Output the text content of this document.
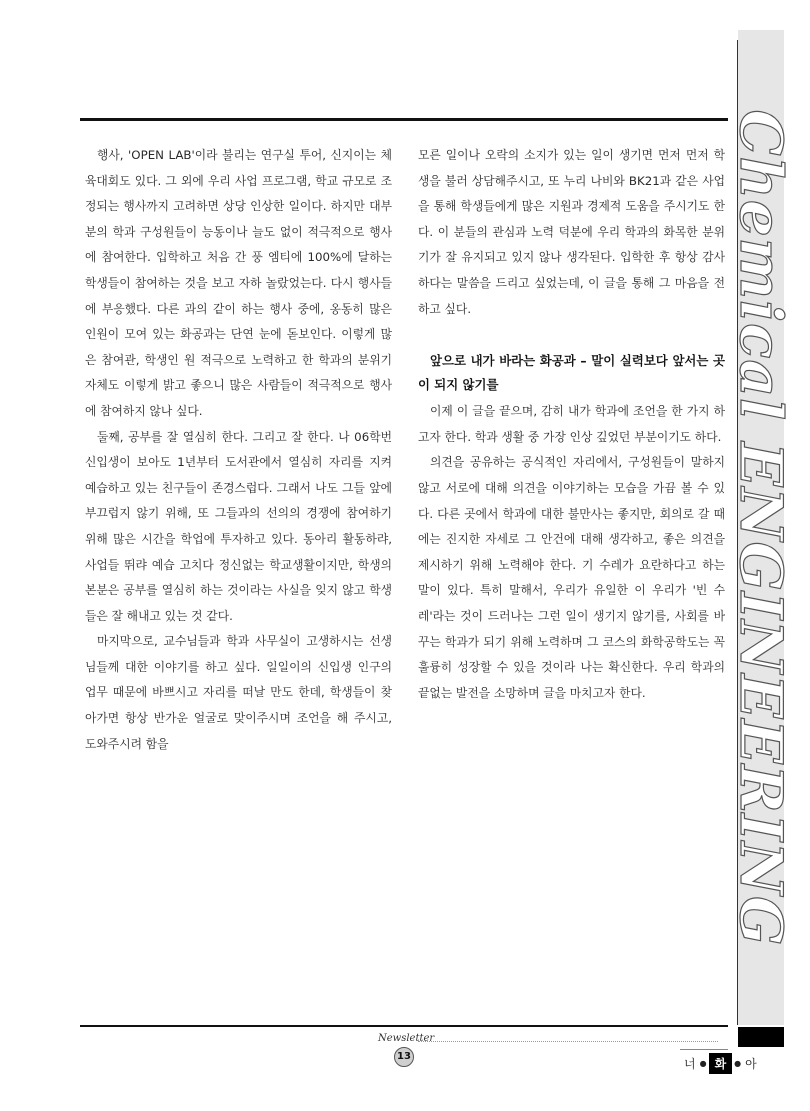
Chemical ENGINEERING

행사, 'OPEN LAB'이라 불리는 연구실 투어, 신지이는 체육대회도 있다. 그 외에 우리 사업 프로그램, 학교 규모로 조정되는 행사까지 고려하면 상당 인상한 일이다. 하지만 대부분의 학과 구성원들이 능동이나 늘도 없이 적극적으로 행사에 참여한다. 입학하고 처음 간 풍 엠티에 100%에 달하는 학생들이 참여하는 것을 보고 자하 놀랐었는다. 다시 행사들에 부응했다. 다른 과의 같이 하는 행사 중에, 옹동히 많은 인원이 모여 있는 화공과는 단연 눈에 돋보인다. 이렇게 많은 참여관, 학생인 원 적극으로 노력하고 한 학과의 분위기 자체도 이렇게 밝고 좋으니 많은 사람들이 적극적으로 행사에 참여하지 않나 싶다.

둘째, 공부를 잘 열심히 한다. 그리고 잘 한다. 나 06학번 신입생이 보아도 1년부터 도서관에서 열심히 자리를 지켜 예습하고 있는 친구들이 존경스럽다. 그래서 나도 그들 앞에 부끄럽지 않기 위해, 또 그들과의 선의의 경쟁에 참여하기 위해 많은 시간을 학업에 투자하고 있다. 동아리 활동하랴, 사업들 뛰랴 예습 고치다 정신없는 학교생활이지만, 학생의 본분은 공부를 열심히 하는 것이라는 사실을 잊지 않고 학생들은 잘 해내고 있는 것 같다.

마지막으로, 교수님들과 학과 사무실이 고생하시는 선생님들께 대한 이야기를 하고 싶다. 일일이의 신입생 인구의 업무 때문에 바쁘시고 자리를 떠날 만도 한데, 학생들이 찾아가면 항상 반가운 얼굴로 맞이주시며 조언을 해 주시고, 도와주시려 함을

모른 일이나 오락의 소지가 있는 일이 생기면 먼저 먼저 학생을 불러 상담해주시고, 또 누리 나비와 BK21과 같은 사업을 통해 학생들에게 많은 지원과 경제적 도움을 주시기도 한다. 이 분들의 관심과 노력 덕분에 우리 학과의 화목한 분위기가 잘 유지되고 있지 않나 생각된다. 입학한 후 항상 감사하다는 말씀을 드리고 싶었는데, 이 글을 통해 그 마음을 전하고 싶다.

앞으로 내가 바라는 화공과 – 말이 실력보다 앞서는 곳이 되지 않기를

이제 이 글을 끝으며, 감히 내가 학과에 조언을 한 가지 하고자 한다. 학과 생활 중 가장 인상 깊었던 부분이기도 하다.

의견을 공유하는 공식적인 자리에서, 구성원들이 말하지 않고 서로에 대해 의견을 이야기하는 모습을 가끔 볼 수 있다. 다른 곳에서 학과에 대한 불만사는 좋지만, 회의로 갈 때에는 진지한 자세로 그 안건에 대해 생각하고, 좋은 의견을 제시하기 위해 노력해야 한다. 기 수레가 요란하다고 하는 말이 있다. 특히 말해서, 우리가 유일한 이 우리가 '빈 수레'라는 것이 드러나는 그런 일이 생기지 않기를, 사회를 바꾸는 학과가 되기 위해 노력하며 그 코스의 화학공학도는 꼭 훌륭히 성장할 수 있을 것이라 나는 확신한다. 우리 학과의 끝없는 발전을 소망하며 글을 마치고자 한다.

Newsletter
13	너 ● 화	● 아
